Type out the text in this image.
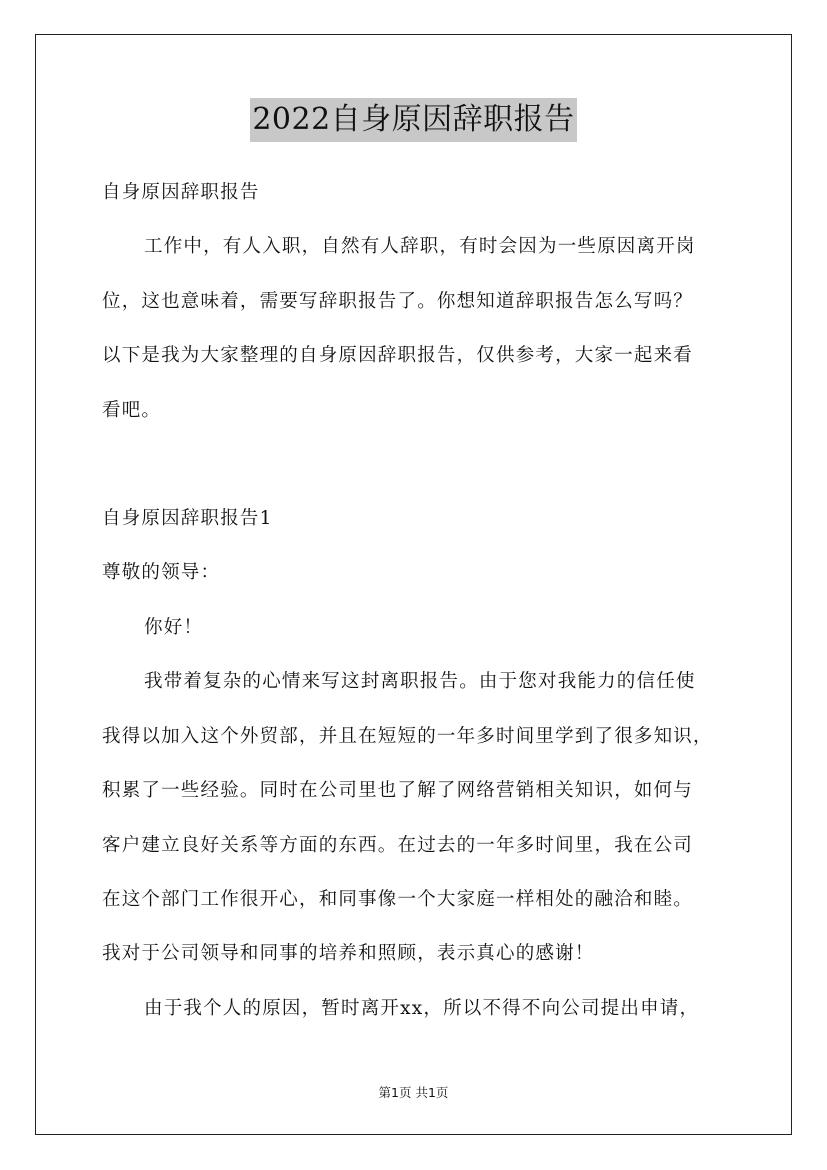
2022自身原因辞职报告
自身原因辞职报告
工作中，有人入职，自然有人辞职，有时会因为一些原因离开岗
位，这也意味着，需要写辞职报告了。你想知道辞职报告怎么写吗？
以下是我为大家整理的自身原因辞职报告，仅供参考，大家一起来看
看吧。
自身原因辞职报告1
尊敬的领导：
你好！
我带着复杂的心情来写这封离职报告。由于您对我能力的信任使
我得以加入这个外贸部，并且在短短的一年多时间里学到了很多知识，
积累了一些经验。同时在公司里也了解了网络营销相关知识，如何与
客户建立良好关系等方面的东西。在过去的一年多时间里，我在公司
在这个部门工作很开心，和同事像一个大家庭一样相处的融洽和睦。
我对于公司领导和同事的培养和照顾，表示真心的感谢！
由于我个人的原因，暂时离开xx，所以不得不向公司提出申请，
第1页 共1页
